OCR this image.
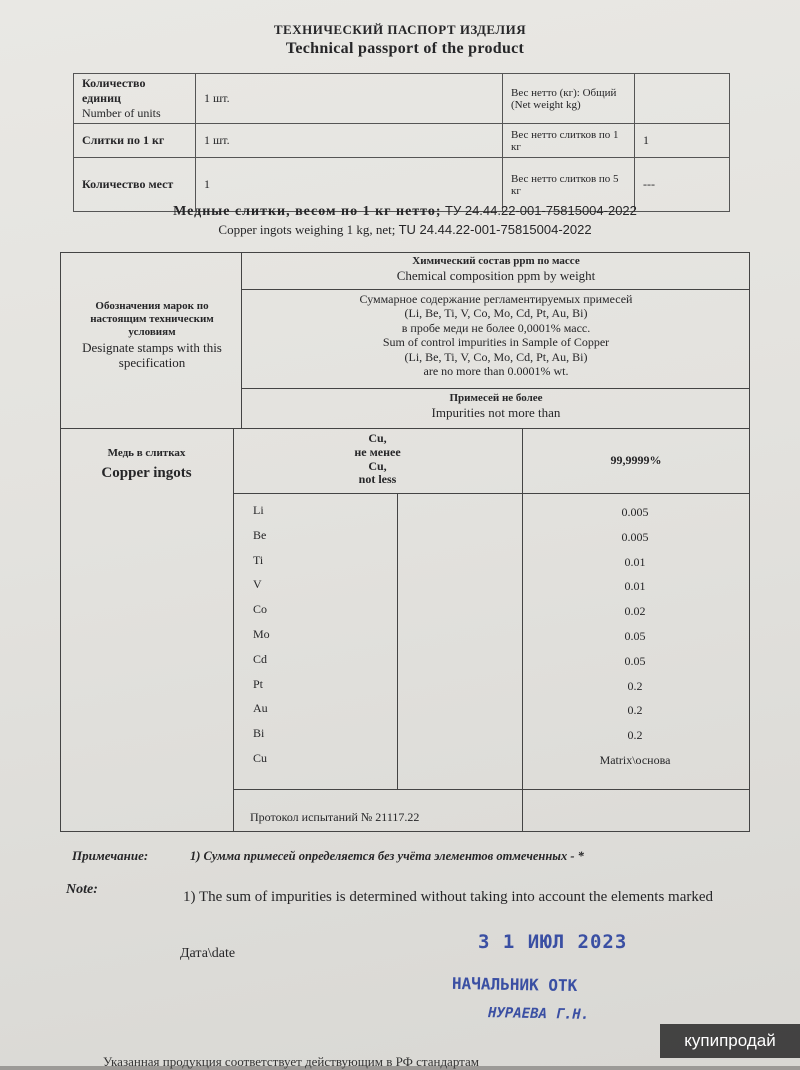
ТЕХНИЧЕСКИЙ ПАСПОРТ ИЗДЕЛИЯ
Technical passport of the product
Количество единиц
Number of units	1 шт.	Вес нетто (кг): Общий (Net weight kg)	
Слитки по 1 кг	1 шт.	Вес нетто слитков по 1 кг	1
Количество мест	1	Вес нетто слитков по 5 кг	---
Медные слитки, весом по 1 кг нетто; ТУ 24.44.22-001-75815004-2022
Copper ingots weighing 1 kg, net; TU 24.44.22-001-75815004-2022
Химический состав ppm по массе
Chemical composition ppm by weight
Обозначения марок по настоящим техническим условиям
Designate stamps with this specification
Суммарное содержание регламентируемых примесей
(Li, Be, Ti, V, Co, Mo, Cd, Pt, Au, Bi)
в пробе меди не более 0,0001% масс.
Sum of control impurities in Sample of Copper
(Li, Be, Ti, V, Co, Mo, Cd, Pt, Au, Bi)
are no more than 0.0001% wt.
Примесей не более
Impurities not more than
Медь в слитках
Copper ingots
Cu,
не менее
Cu,
not less
99,9999%
Li	0.005
Be	0.005
Ti	0.01
V	0.01
Co	0.02
Mo	0.05
Cd	0.05
Pt	0.2
Au	0.2
Bi	0.2
Cu	Matrix\основа
Протокол испытаний № 21117.22
Примечание:	1) Сумма примесей определяется без учёта элементов отмеченных - *
Note:	1) The sum of impurities is determined without taking into account the elements marked
Дата\date
3 1 ИЮЛ 2023
НАЧАЛЬНИК ОТК
НУРАЕВА Г.Н.
Указанная продукция соответствует действующим в РФ стандартам
купипродай
